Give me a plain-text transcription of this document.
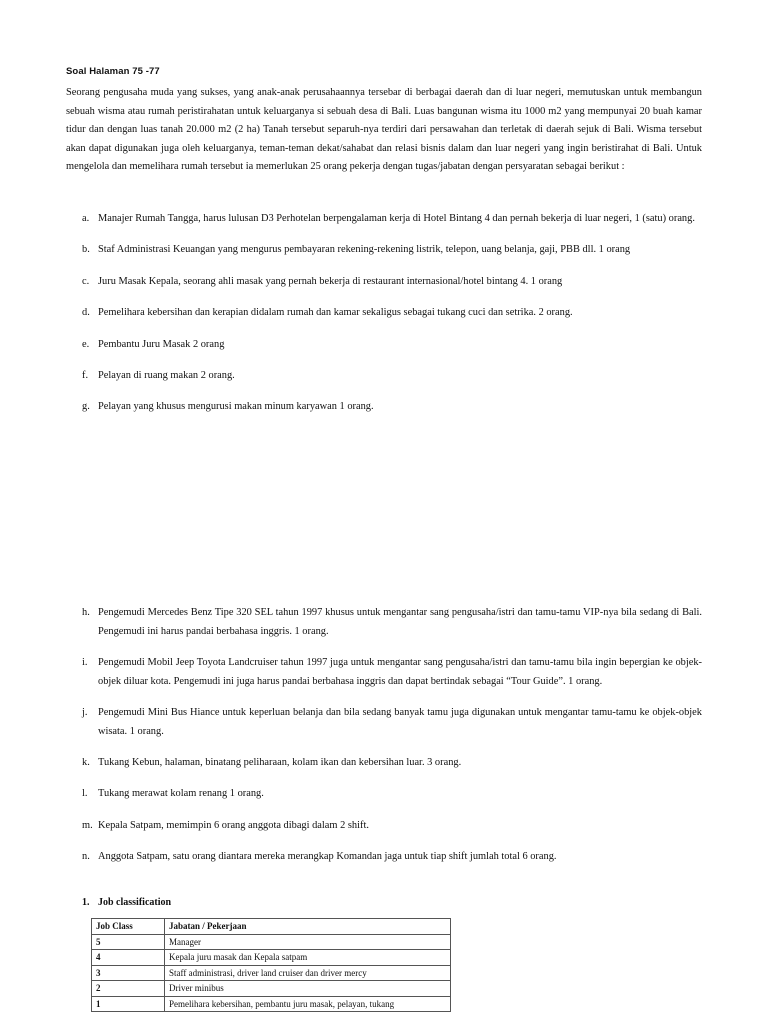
Soal Halaman 75 -77

Seorang pengusaha muda yang sukses, yang anak-anak perusahaannya tersebar di berbagai daerah dan di luar negeri, memutuskan untuk membangun sebuah wisma atau rumah peristirahatan untuk keluarganya si sebuah desa di Bali. Luas bangunan wisma itu 1000 m2 yang mempunyai 20 buah kamar tidur dan dengan luas tanah 20.000 m2 (2 ha) Tanah tersebut separuh-nya terdiri dari persawahan dan terletak di daerah sejuk di Bali. Wisma tersebut akan dapat digunakan juga oleh keluarganya, teman-teman dekat/sahabat dan relasi bisnis dalam dan luar negeri yang ingin beristirahat di Bali. Untuk mengelola dan memelihara rumah tersebut ia memerlukan 25 orang pekerja dengan tugas/jabatan dengan persyaratan sebagai berikut :

a. Manajer Rumah Tangga, harus lulusan D3 Perhotelan berpengalaman kerja di Hotel Bintang 4 dan pernah bekerja di luar negeri, 1 (satu) orang.
b. Staf Administrasi Keuangan yang mengurus pembayaran rekening-rekening listrik, telepon, uang belanja, gaji, PBB dll. 1 orang
c. Juru Masak Kepala, seorang ahli masak yang pernah bekerja di restaurant internasional/hotel bintang 4. 1 orang
d. Pemelihara kebersihan dan kerapian didalam rumah dan kamar sekaligus sebagai tukang cuci dan setrika. 2 orang.
e. Pembantu Juru Masak 2 orang
f. Pelayan di ruang makan 2 orang.
g. Pelayan yang khusus mengurusi makan minum karyawan 1 orang.
h. Pengemudi Mercedes Benz Tipe 320 SEL tahun 1997 khusus untuk mengantar sang pengusaha/istri dan tamu-tamu VIP-nya bila sedang di Bali. Pengemudi ini harus pandai berbahasa inggris. 1 orang.
i. Pengemudi Mobil Jeep Toyota Landcruiser tahun 1997 juga untuk mengantar sang pengusaha/istri dan tamu-tamu bila ingin bepergian ke objek-objek diluar kota. Pengemudi ini juga harus pandai berbahasa inggris dan dapat bertindak sebagai “Tour Guide”. 1 orang.
j. Pengemudi Mini Bus Hiance untuk keperluan belanja dan bila sedang banyak tamu juga digunakan untuk mengantar tamu-tamu ke objek-objek wisata. 1 orang.
k. Tukang Kebun, halaman, binatang peliharaan, kolam ikan dan kebersihan luar. 3 orang.
l. Tukang merawat kolam renang 1 orang.
m. Kepala Satpam, memimpin 6 orang anggota dibagi dalam 2 shift.
n. Anggota Satpam, satu orang diantara mereka merangkap Komandan jaga untuk tiap shift jumlah total 6 orang.
1. Job classification
Job Class	Jabatan / Pekerjaan
5	Manager
4	Kepala juru masak dan Kepala satpam
3	Staff administrasi, driver land cruiser dan driver mercy
2	Driver minibus
1	Pemelihara kebersihan, pembantu juru masak, pelayan, tukang
